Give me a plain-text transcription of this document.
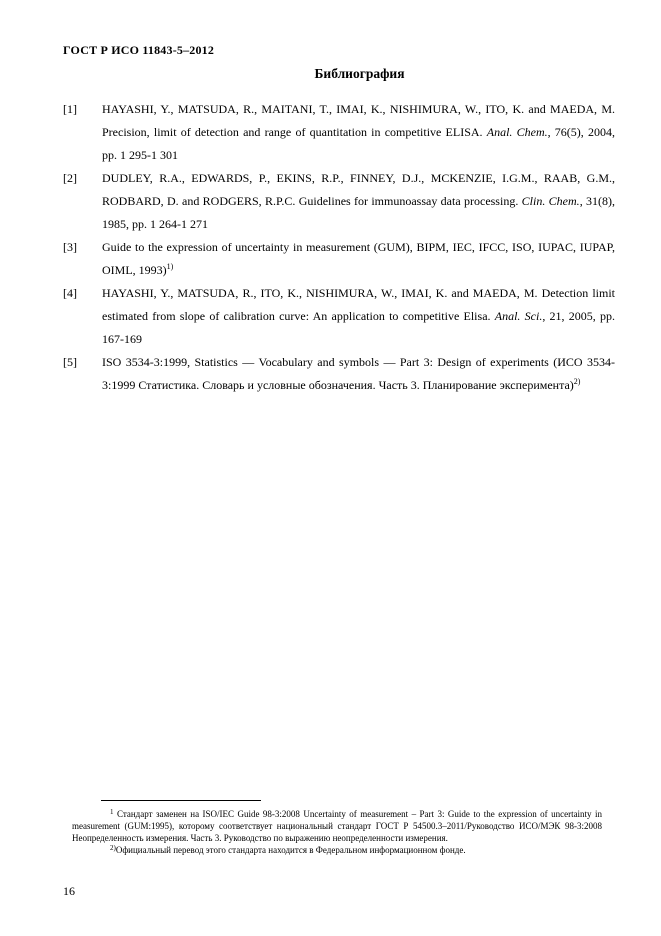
ГОСТ Р ИСО 11843-5–2012
Библиография
[1] HAYASHI, Y., MATSUDA, R., MAITANI, T., IMAI, K., NISHIMURA, W., ITO, K. and MAEDA, M. Precision, limit of detection and range of quantitation in competitive ELISA. Anal. Chem., 76(5), 2004, pp. 1 295-1 301
[2] DUDLEY, R.A., EDWARDS, P., EKINS, R.P., FINNEY, D.J., MCKENZIE, I.G.M., RAAB, G.M., RODBARD, D. and RODGERS, R.P.C. Guidelines for immunoassay data processing. Clin. Chem., 31(8), 1985, pp. 1 264-1 271
[3] Guide to the expression of uncertainty in measurement (GUM), BIPM, IEC, IFCC, ISO, IUPAC, IUPAP, OIML, 1993)$^{1)}$
[4] HAYASHI, Y., MATSUDA, R., ITO, K., NISHIMURA, W., IMAI, K. and MAEDA, M. Detection limit estimated from slope of calibration curve: An application to competitive Elisa. Anal. Sci., 21, 2005, pp. 167-169
[5] ISO 3534-3:1999, Statistics — Vocabulary and symbols — Part 3: Design of experiments (ИСО 3534-3:1999 Статистика. Словарь и условные обозначения. Часть 3. Планирование эксперимента)$^{2)}$
$^1$ Стандарт заменен на ISO/IEC Guide 98-3:2008 Uncertainty of measurement – Part 3: Guide to the expression of uncertainty in measurement (GUM:1995), которому соответствует национальный стандарт ГОСТ Р 54500.3–2011/Руководство ИСО/МЭК 98-3:2008 Неопределенность измерения. Часть 3. Руководство по выражению неопределенности измерения.
$^{2)}$Официальный перевод этого стандарта находится в Федеральном информационном фонде.
16
